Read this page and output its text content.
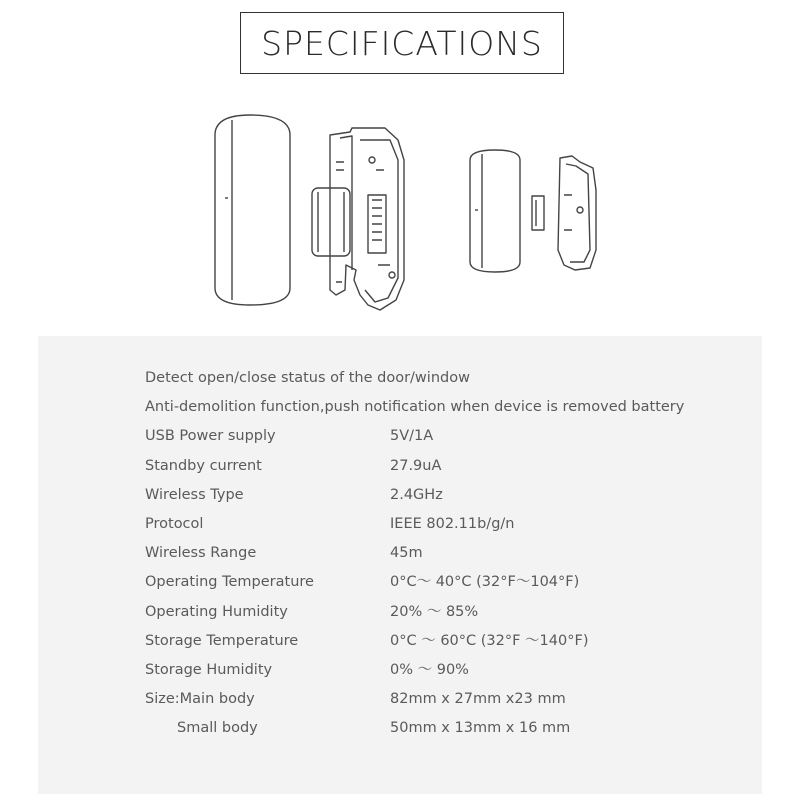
SPECIFICATIONS
Detect open/close status of the door/window
Anti-demolition function,push notification when device is removed battery
USB Power supply	5V/1A
Standby current	27.9uA
Wireless Type	2.4GHz
Protocol	IEEE 802.11b/g/n
Wireless Range	45m
Operating Temperature	0°C～ 40°C (32°F～104°F)
Operating Humidity	20% ～ 85%
Storage Temperature	0°C ～ 60°C (32°F ～140°F)
Storage Humidity	0% ～ 90%
Size:Main body	82mm x 27mm x23 mm
Small body	50mm x 13mm x 16 mm
